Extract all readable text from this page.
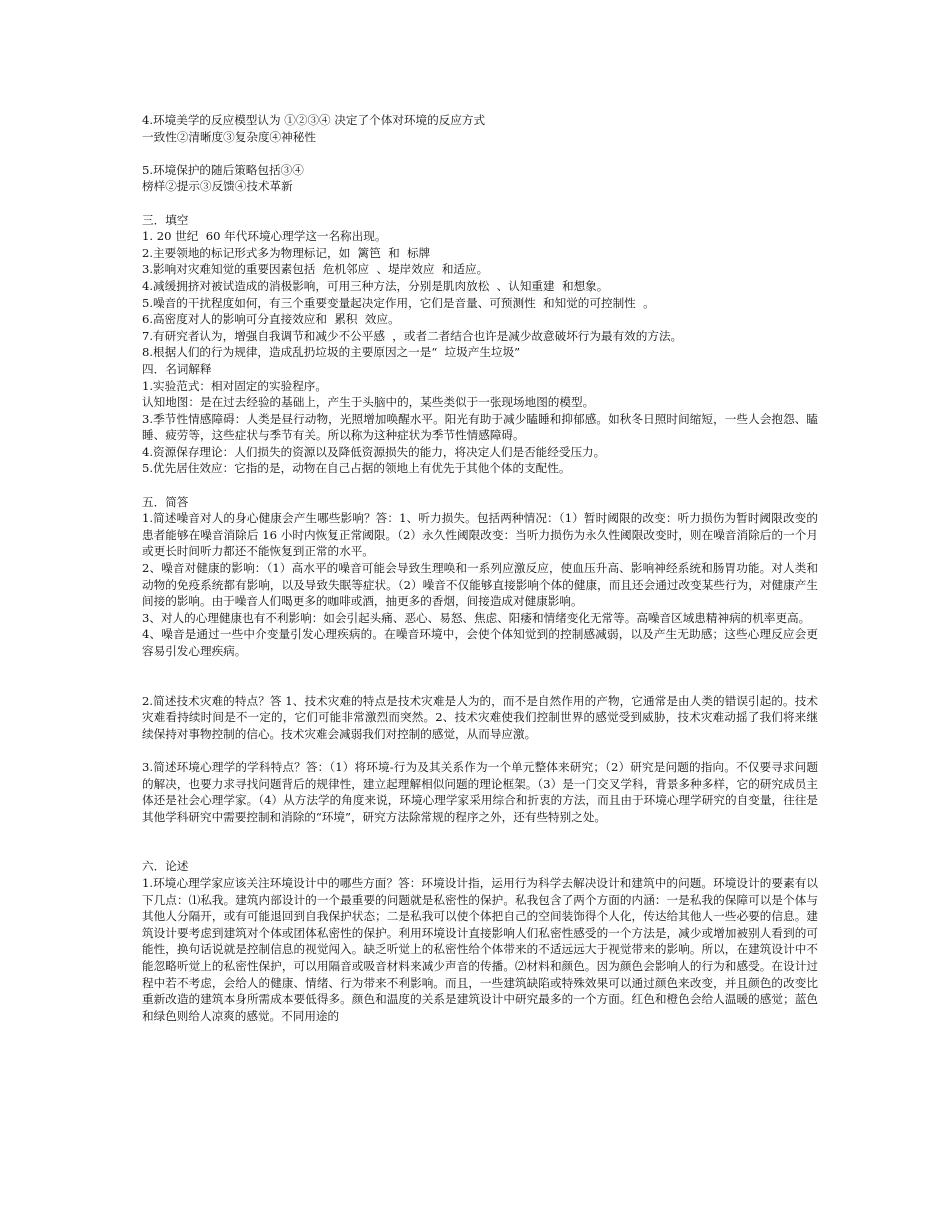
4.环境美学的反应模型认为 ①②③④ 决定了个体对环境的反应方式
一致性②清晰度③复杂度④神秘性
5.环境保护的随后策略包括③④
榜样②提示③反馈④技术革新
三．填空
1. 20 世纪  60 年代环境心理学这一名称出现。
2.主要领地的标记形式多为物理标记，如  篱笆  和  标牌
3.影响对灾难知觉的重要因素包括  危机邻应  、堤岸效应  和适应。
4.减缓拥挤对被试造成的消极影响，可用三种方法，分别是肌肉放松  、认知重建  和想象。
5.噪音的干扰程度如何，有三个重要变量起决定作用，它们是音量、可预测性  和知觉的可控制性  。
6.高密度对人的影响可分直接效应和  累积  效应。
7.有研究者认为，增强自我调节和减少不公平感  ，或者二者结合也许是减少故意破坏行为最有效的方法。
8.根据人们的行为规律，造成乱扔垃圾的主要原因之一是“  垃圾产生垃圾”
四．名词解释
1.实验范式：相对固定的实验程序。
认知地图：是在过去经验的基础上，产生于头脑中的，某些类似于一张现场地图的模型。
3.季节性情感障碍：人类是昼行动物，光照增加唤醒水平。阳光有助于减少瞌睡和抑郁感。如秋冬日照时间缩短，一些人会抱怨、瞌睡、疲劳等，这些症状与季节有关。所以称为这种症状为季节性情感障碍。
4.资源保存理论：人们损失的资源以及降低资源损失的能力，将决定人们是否能经受压力。
5.优先居住效应：它指的是，动物在自己占据的领地上有优先于其他个体的支配性。
五．简答
1.简述噪音对人的身心健康会产生哪些影响？答：1、听力损失。包括两种情况：（1）暂时阈限的改变：听力损伤为暂时阈限改变的患者能够在噪音消除后 16 小时内恢复正常阈限。（2）永久性阈限改变：当听力损伤为永久性阈限改变时，则在噪音消除后的一个月或更长时间听力都还不能恢复到正常的水平。
2、噪音对健康的影响：（1）高水平的噪音可能会导致生理唤和一系列应激反应，使血压升高、影响神经系统和肠胃功能。对人类和动物的免疫系统都有影响，以及导致失眠等症状。（2）噪音不仅能够直接影响个体的健康，而且还会通过改变某些行为，对健康产生间接的影响。由于噪音人们喝更多的咖啡或酒，抽更多的香烟，间接造成对健康影响。
3、对人的心理健康也有不利影响：如会引起头痛、恶心、易怒、焦虑、阳痿和情绪变化无常等。高噪音区域患精神病的机率更高。
4、噪音是通过一些中介变量引发心理疾病的。在噪音环境中，会使个体知觉到的控制感减弱，以及产生无助感；这些心理反应会更容易引发心理疾病。
2.简述技术灾难的特点？答 1、技术灾难的特点是技术灾难是人为的，而不是自然作用的产物，它通常是由人类的错误引起的。技术灾难看持续时间是不一定的，它们可能非常激烈而突然。2、技术灾难使我们控制世界的感觉受到威胁，技术灾难动摇了我们将来继续保持对事物控制的信心。技术灾难会减弱我们对控制的感觉，从而导应激。
3.简述环境心理学的学科特点？答：（1）将环境-行为及其关系作为一个单元整体来研究；（2）研究是问题的指向。不仅要寻求问题的解决，也要力求寻找问题背后的规律性，建立起理解相似问题的理论框架。（3）是一门交叉学科，背景多种多样，它的研究成员主体还是社会心理学家。（4）从方法学的角度来说，环境心理学家采用综合和折衷的方法，而且由于环境心理学研究的自变量，往往是其他学科研究中需要控制和消除的“环境”，研究方法除常规的程序之外，还有些特别之处。
六．论述
1.环境心理学家应该关注环境设计中的哪些方面？答：环境设计指，运用行为科学去解决设计和建筑中的问题。环境设计的要素有以下几点：⑴私我。建筑内部设计的一个最重要的问题就是私密性的保护。私我包含了两个方面的内涵：一是私我的保障可以是个体与其他人分隔开，或有可能退回到自我保护状态；二是私我可以使个体把自己的空间装饰得个人化，传达给其他人一些必要的信息。建筑设计要考虑到建筑对个体或团体私密性的保护。利用环境设计直接影响人们私密性感受的一个方法是，减少或增加被别人看到的可能性，换句话说就是控制信息的视觉闯入。缺乏听觉上的私密性给个体带来的不适远远大于视觉带来的影响。所以，在建筑设计中不能忽略听觉上的私密性保护，可以用隔音或吸音材料来减少声音的传播。⑵材料和颜色。因为颜色会影响人的行为和感受。在设计过程中若不考虑，会给人的健康、情绪、行为带来不利影响。而且，一些建筑缺陷或特殊效果可以通过颜色来改变，并且颜色的改变比重新改造的建筑本身所需成本要低得多。颜色和温度的关系是建筑设计中研究最多的一个方面。红色和橙色会给人温暖的感觉；蓝色和绿色则给人凉爽的感觉。不同用途的
